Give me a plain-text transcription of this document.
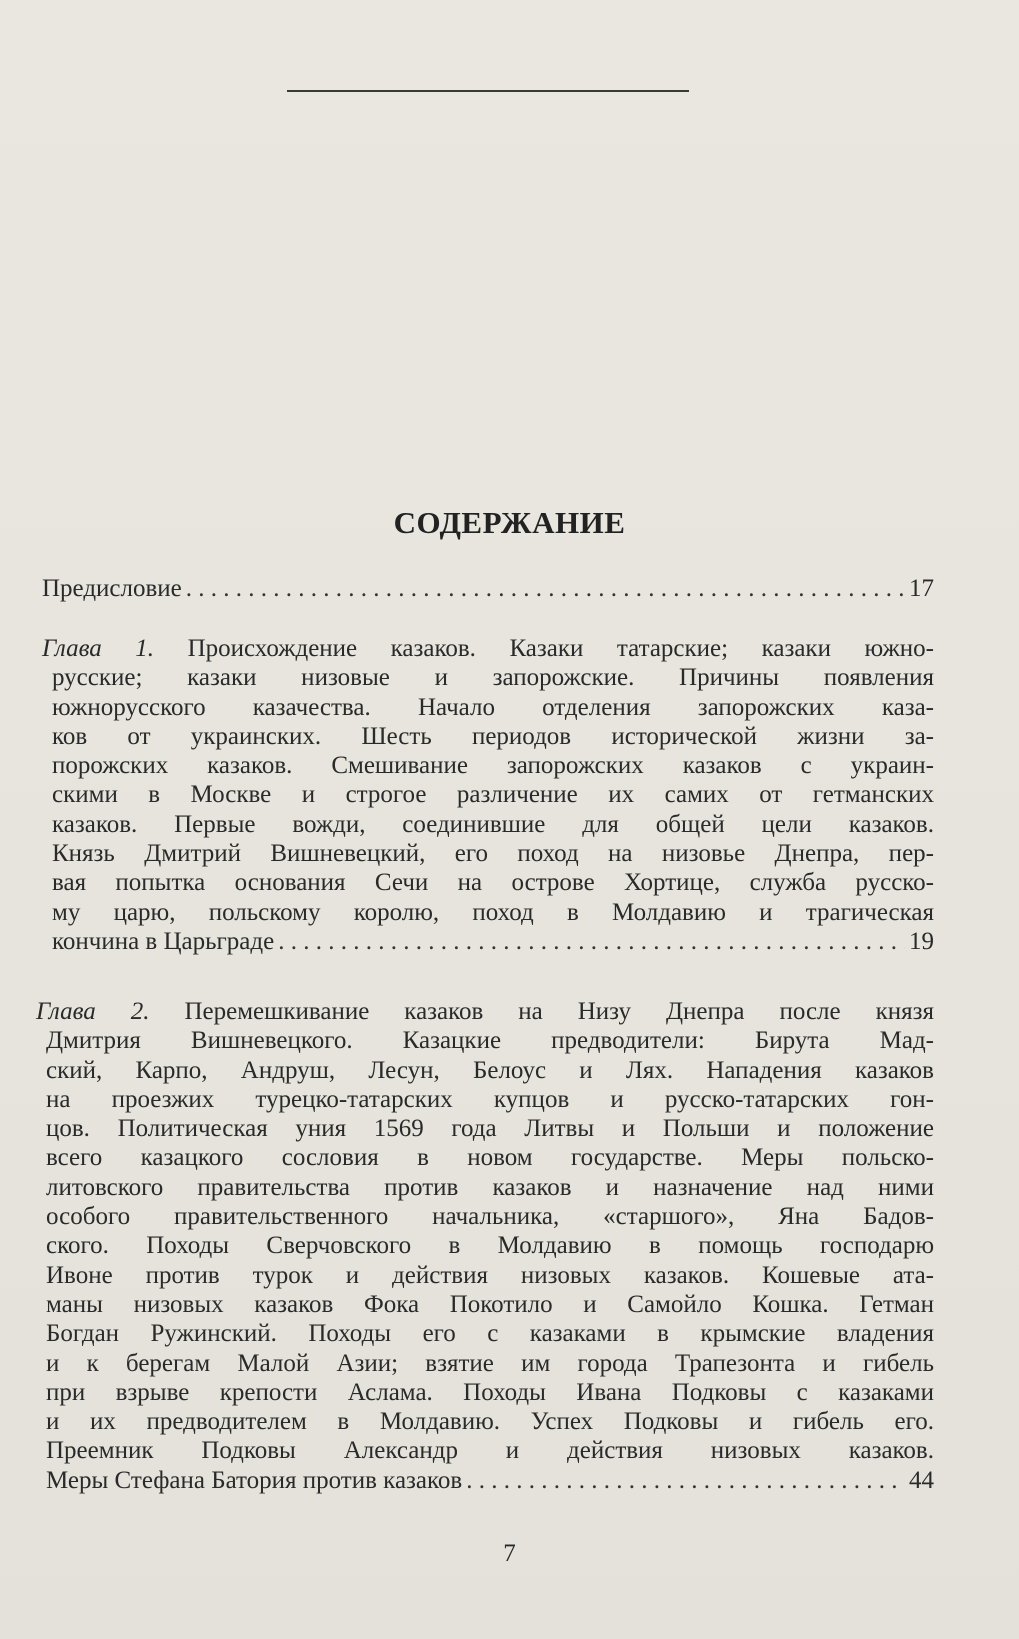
СОДЕРЖАНИЕ
Предисловие . . .	17
Глава 1. Происхождение казаков. Казаки татарские; казаки южно-
русские; казаки низовые и запорожские. Причины появления
южнорусского казачества. Начало отделения запорожских каза-
ков от украинских. Шесть периодов исторической жизни за-
порожских казаков. Смешивание запорожских казаков с украин-
скими в Москве и строгое различение их самих от гетманских
казаков. Первые вожди, соединившие для общей цели казаков.
Князь Дмитрий Вишневецкий, его поход на низовье Днепра, пер-
вая попытка основания Сечи на острове Хортице, служба русско-
му царю, польскому королю, поход в Молдавию и трагическая
кончина в Царьграде . . .	19
Глава 2. Перемешкивание казаков на Низу Днепра после князя
Дмитрия Вишневецкого. Казацкие предводители: Бирута Мад-
ский, Карпо, Андруш, Лесун, Белоус и Лях. Нападения казаков
на проезжих турецко-татарских купцов и русско-татарских гон-
цов. Политическая уния 1569 года Литвы и Польши и положение
всего казацкого сословия в новом государстве. Меры польско-
литовского правительства против казаков и назначение над ними
особого правительственного начальника, «старшого», Яна Бадов-
ского. Походы Сверчовского в Молдавию в помощь господарю
Ивоне против турок и действия низовых казаков. Кошевые ата-
маны низовых казаков Фока Покотило и Самойло Кошка. Гетман
Богдан Ружинский. Походы его с казаками в крымские владения
и к берегам Малой Азии; взятие им города Трапезонта и гибель
при взрыве крепости Аслама. Походы Ивана Подковы с казаками
и их предводителем в Молдавию. Успех Подковы и гибель его.
Преемник Подковы Александр и действия низовых казаков.
Меры Стефана Батория против казаков . . .	44
7
